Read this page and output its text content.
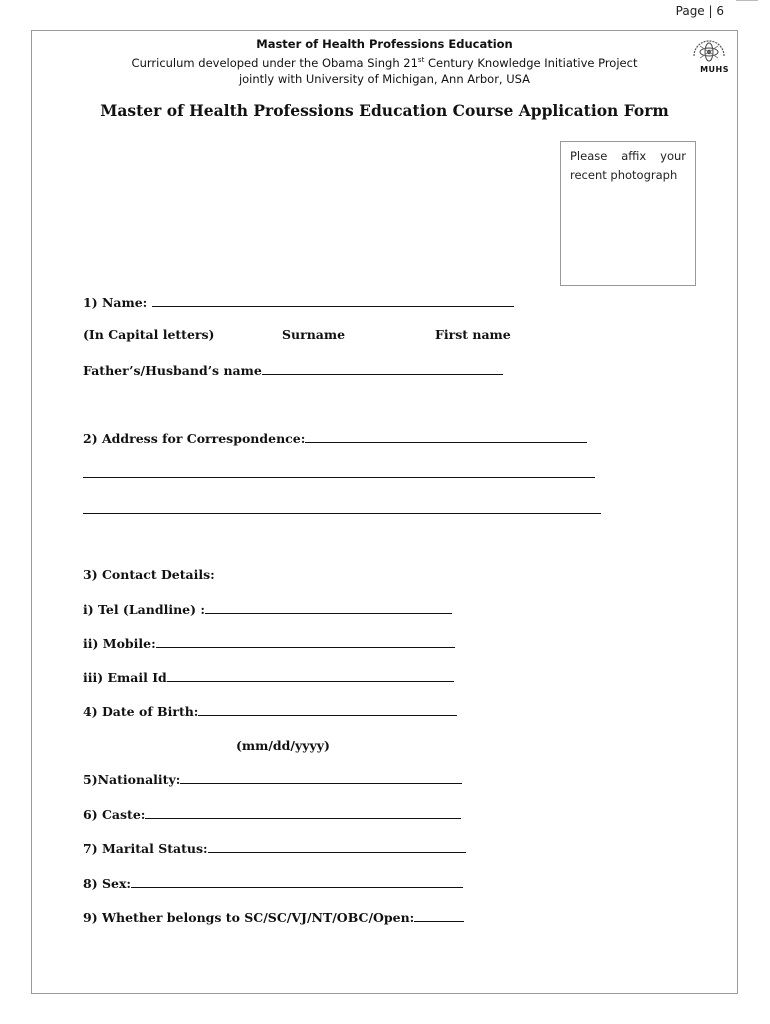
Page | 6
Master of Health Professions Education
Curriculum developed under the Obama Singh 21st Century Knowledge Initiative Project
jointly with University of Michigan, Ann Arbor, USA
MUHS
Master of Health Professions Education Course Application Form
Please affix your recent photograph
1) Name:
(In Capital letters)	Surname	First name
Father’s/Husband’s name
2) Address for Correspondence:
3) Contact Details:
i) Tel (Landline) :
ii) Mobile:
iii) Email Id
4) Date of Birth:
(mm/dd/yyyy)
5)Nationality:
6) Caste:
7) Marital Status:
8) Sex:
9) Whether belongs to SC/SC/VJ/NT/OBC/Open:
